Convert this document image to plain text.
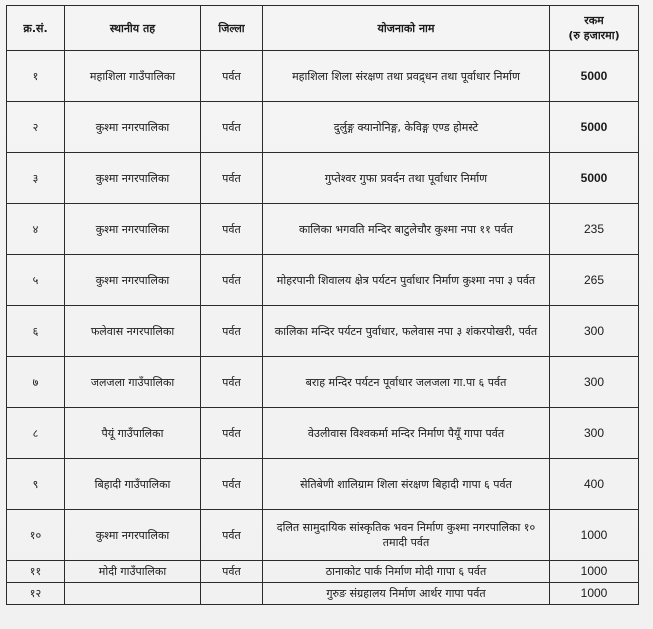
क्र.सं.	स्थानीय तह	जिल्ला	योजनाको नाम	रकम
(रु हजारमा)

१	महाशिला गाउँपालिका	पर्वत	महाशिला शिला संरक्षण तथा प्रवद्र्धन तथा पूर्वाधार निर्माण	5000
२	कुश्मा नगरपालिका	पर्वत	दुर्लुङ्ग क्यानोनिङ्ग, केविङ्ग एण्ड होमस्टे	5000
३	कुश्मा नगरपालिका	पर्वत	गुप्तेश्वर गुफा प्रवर्दन तथा पूर्वाधार निर्माण	5000
४	कुश्मा नगरपालिका	पर्वत	कालिका भगवति मन्दिर बाटुलेचौर कुश्मा नपा ११ पर्वत	235
५	कुश्मा नगरपालिका	पर्वत	मोहरपानी शिवालय क्षेत्र पर्यटन पुर्वाधार निर्माण कुश्मा नपा ३ पर्वत	265
६	फलेवास नगरपालिका	पर्वत	कालिका मन्दिर पर्यटन पुर्वाधार, फलेवास नपा ३ शंकरपोखरी, पर्वत	300
७	जलजला गाउँपालिका	पर्वत	बराह मन्दिर पर्यटन पूर्वाधार जलजला गा.पा ६ पर्वत	300
८	पैयूं गाउँपालिका	पर्वत	वेउलीवास विश्वकर्मा मन्दिर निर्माण पैयूँ गापा पर्वत	300
९	बिहादी गाउँपालिका	पर्वत	सेतिबेणी शालिग्राम शिला संरक्षण बिहादी गापा ६ पर्वत	400
१०	कुश्मा नगरपालिका	पर्वत	दलित सामुदायिक सांस्कृतिक भवन निर्माण कुश्मा नगरपालिका १० तमादी पर्वत	1000
११	मोदी गाउँपालिका	पर्वत	ठानाकोट पार्क निर्माण मोदी गापा ६ पर्वत	1000
१२			गुरुङ संग्रहालय निर्माण आर्थर गापा पर्वत	1000
